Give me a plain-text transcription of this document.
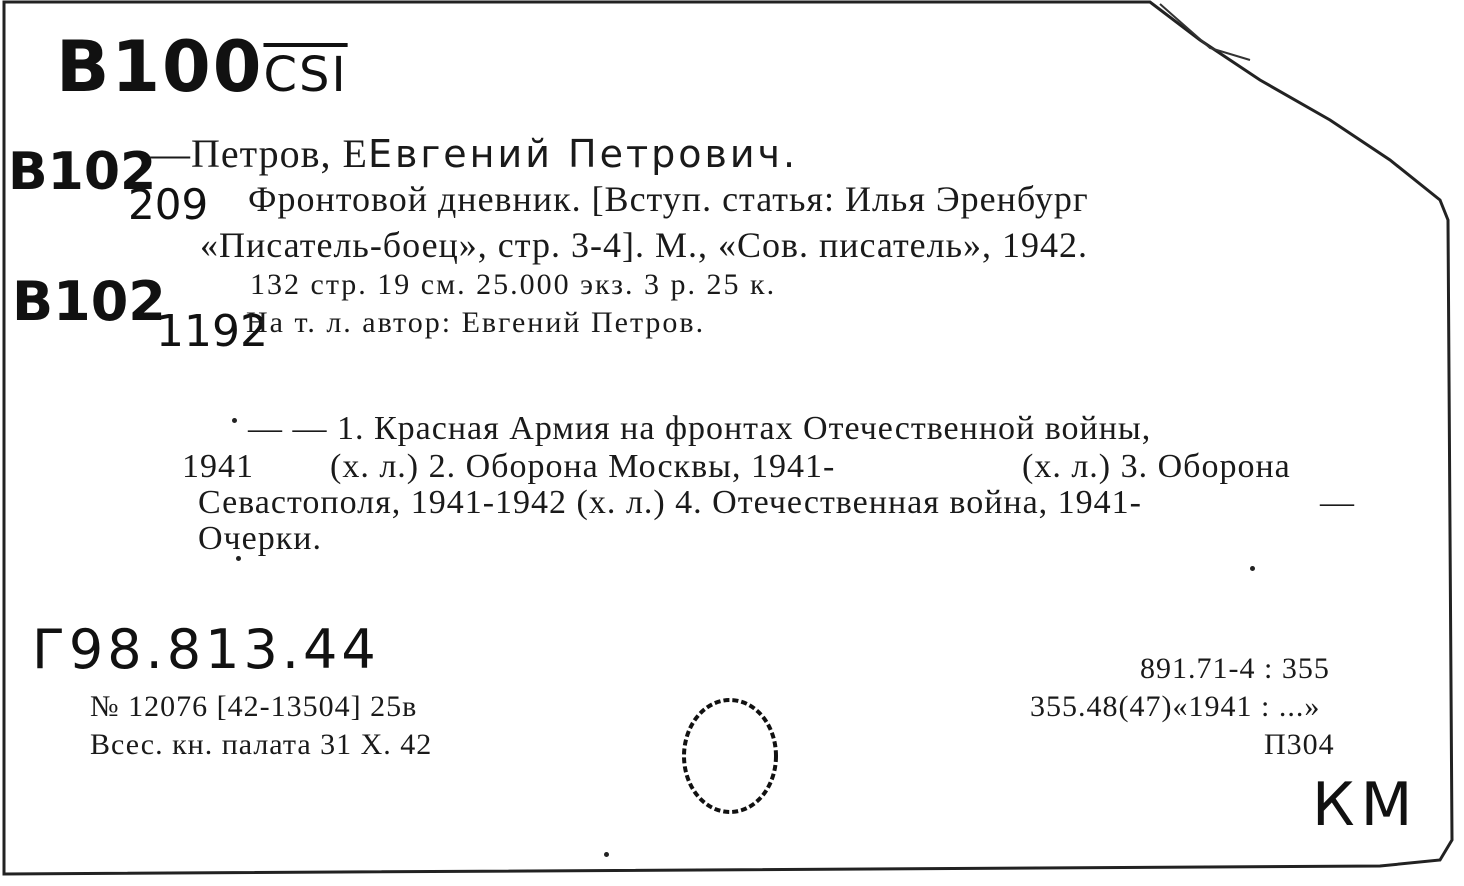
$B100\overline{CSI}$
B102
209
B102
1192
—Петров, ЕЕвгений Петрович.
Фронтовой дневник. [Вступ. статья: Илья Эренбург
«Писатель-боец», стр. 3-4]. М., «Сов. писатель», 1942.
132 стр. 19 см. 25.000 экз. 3 р. 25 к.
На т. л. автор: Евгений Петров.
— — 1. Красная Армия на фронтах Отечественной войны,
1941 (х. л.) 2. Оборона Москвы, 1941-	(х. л.) 3. Оборона
Севастополя, 1941-1942 (х. л.) 4. Отечественная война, 1941-	—
Очерки.
Г98.813.44
№ 12076 [42-13504] 25в
Всес. кн. палата 31 X. 42
891.71-4 : 355
355.48(47)«1941 : ...»
П304
КМ
